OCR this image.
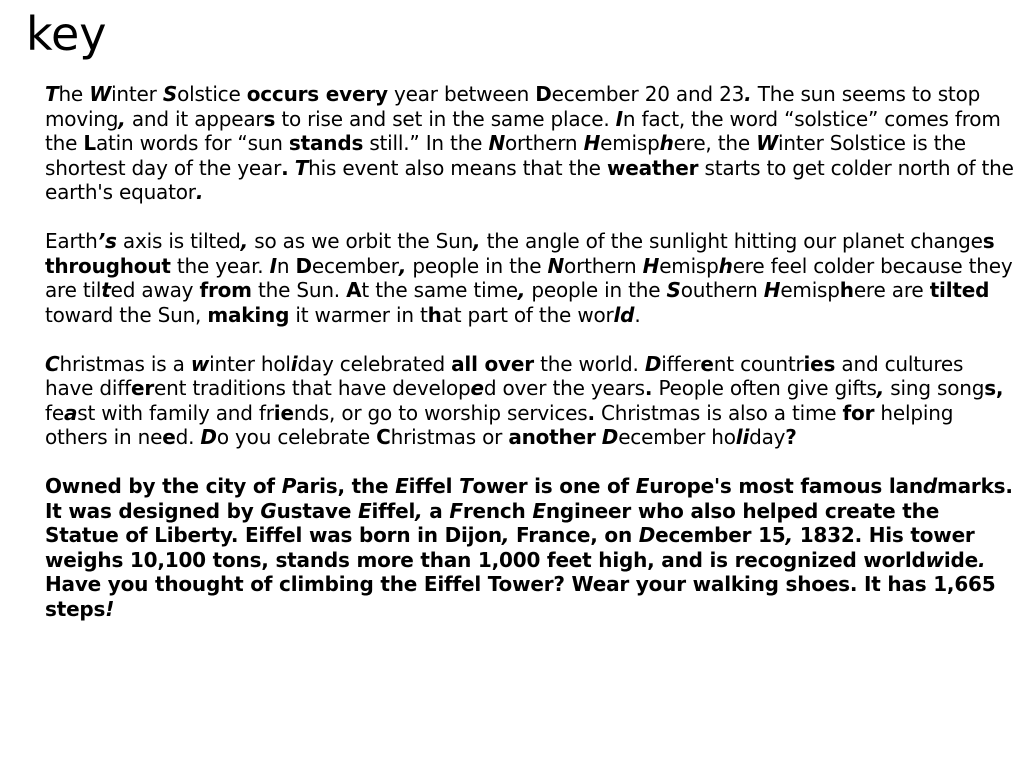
key

The Winter Solstice occurs every year between December 20 and 23. The sun seems to stop moving, and it appears to rise and set in the same place. In fact, the word “solstice” comes from the Latin words for “sun stands still.” In the Northern Hemisphere, the Winter Solstice is the shortest day of the year. This event also means that the weather starts to get colder north of the earth's equator.

Earth’s axis is tilted, so as we orbit the Sun, the angle of the sunlight hitting our planet changes throughout the year. In December, people in the Northern Hemisphere feel colder because they are tilted away from the Sun. At the same time, people in the Southern Hemisphere are tilted toward the Sun, making it warmer in that part of the world.

Christmas is a winter holiday celebrated all over the world. Different countries and cultures have different traditions that have developed over the years. People often give gifts, sing songs, feast with family and friends, or go to worship services. Christmas is also a time for helping others in need. Do you celebrate Christmas or another December holiday?

Owned by the city of Paris, the Eiffel Tower is one of Europe's most famous landmarks. It was designed by Gustave Eiffel, a French Engineer who also helped create the Statue of Liberty. Eiffel was born in Dijon, France, on December 15, 1832. His tower weighs 10,100 tons, stands more than 1,000 feet high, and is recognized worldwide. Have you thought of climbing the Eiffel Tower? Wear your walking shoes. It has 1,665 steps!
